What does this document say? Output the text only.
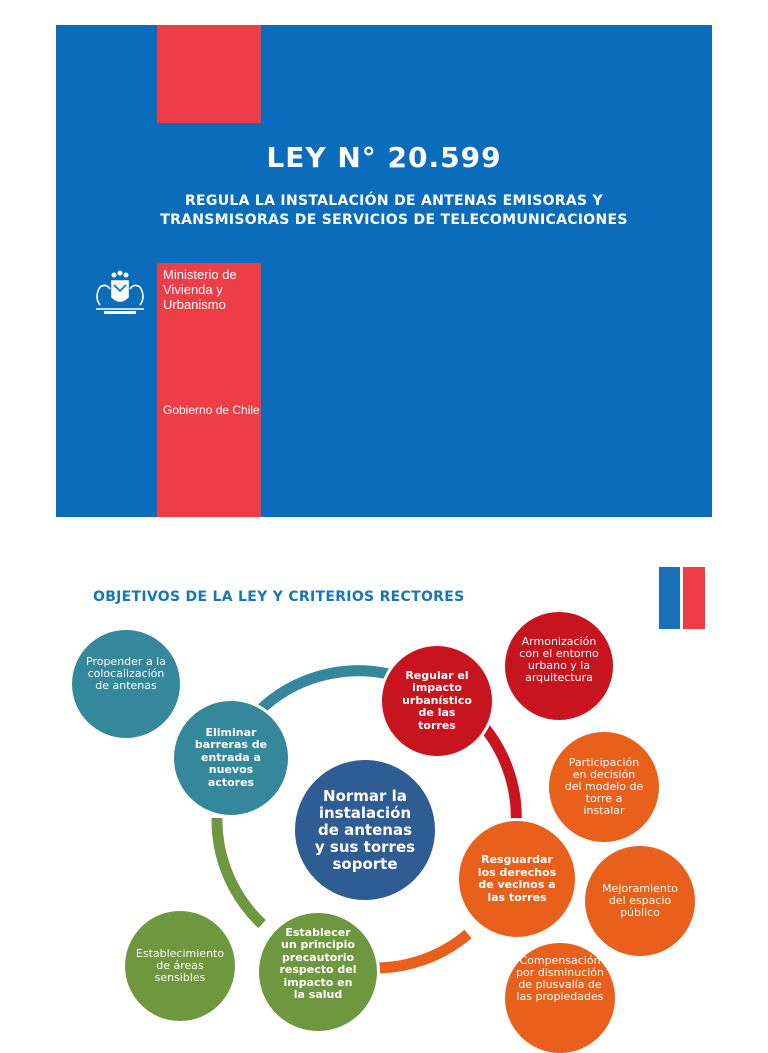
LEY N° 20.599
REGULA LA INSTALACIÓN DE ANTENAS EMISORAS Y
TRANSMISORAS DE SERVICIOS DE TELECOMUNICACIONES
Ministerio de
Vivienda y
Urbanismo
Gobierno de Chile
OBJETIVOS DE LA LEY Y CRITERIOS RECTORES
Normar la
instalación
de antenas
y sus torres
soporte
Regular el
impacto
urbanístico
de las
torres
Eliminar
barreras de
entrada a
nuevos
actores
Resguardar
los derechos
de vecinos a
las torres
Establecer
un principio
precautorio
respecto del
impacto en
la salud
Propender a la
colocalización
de antenas
Armonización
con el entorno
urbano y la
arquitectura
Participación
en decisión
del modelo de
torre a
instalar
Mejoramiento
del espacio
público
Compensación
por disminución
de plusvalía de
las propiedades
Establecimiento
de áreas
sensibles
